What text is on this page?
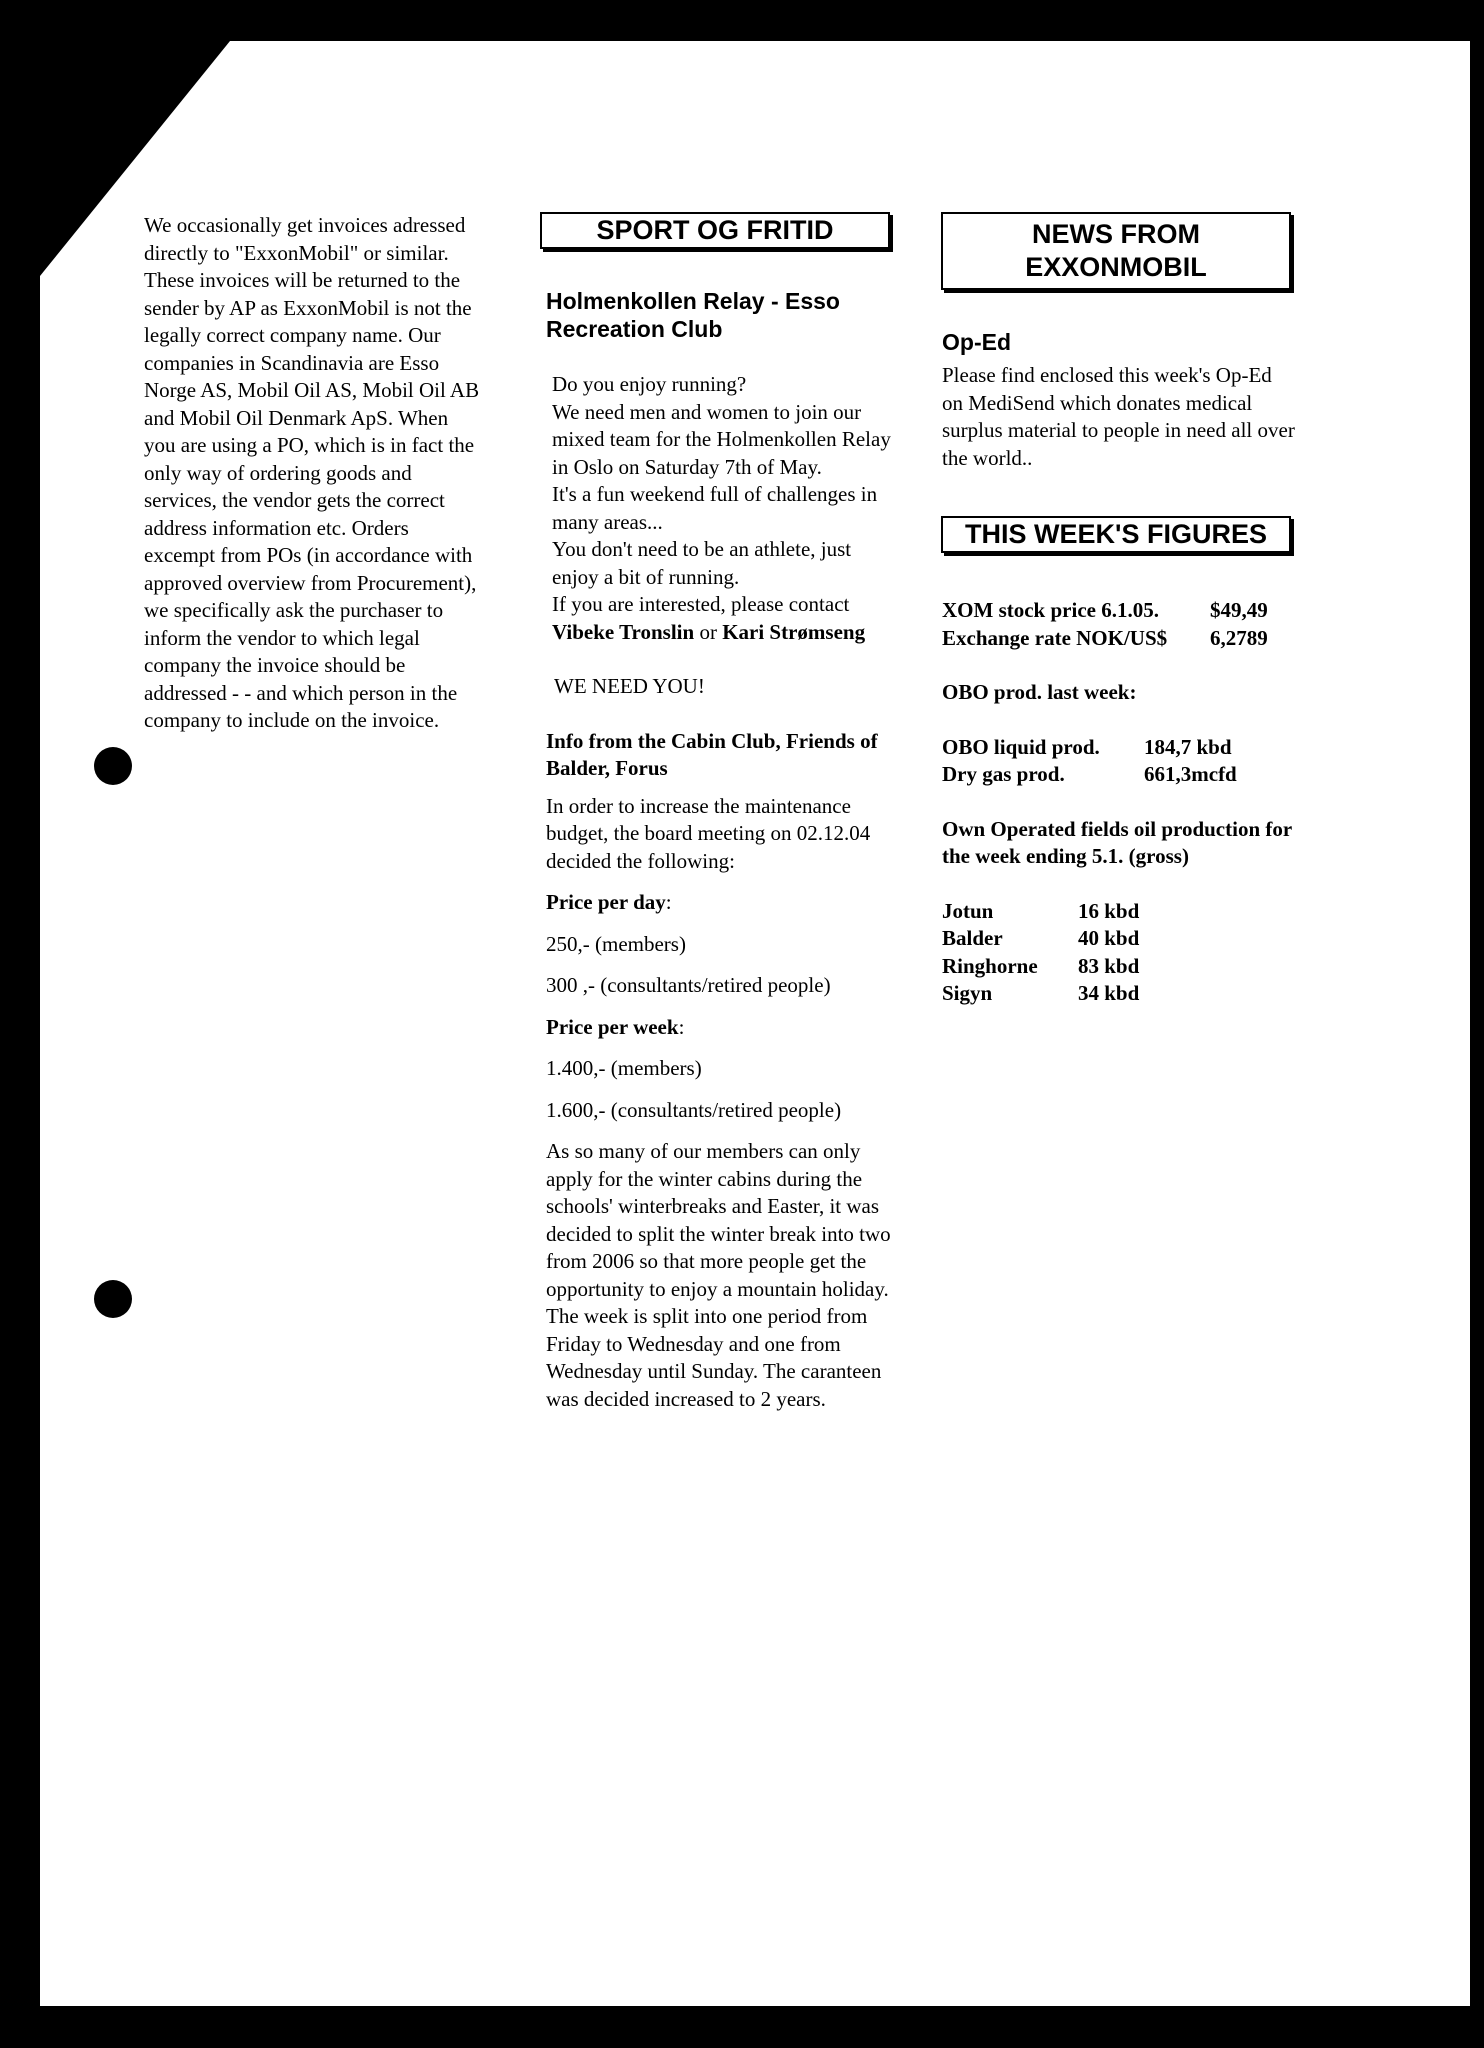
We occasionally get invoices adressed directly to "ExxonMobil" or similar. These invoices will be returned to the sender by AP as ExxonMobil is not the legally correct company name. Our companies in Scandinavia are Esso Norge AS, Mobil Oil AS, Mobil Oil AB and Mobil Oil Denmark ApS. When you are using a PO, which is in fact the only way of ordering goods and services, the vendor gets the correct address information etc. Orders excempt from POs (in accordance with approved overview from Procurement), we specifically ask the purchaser to inform the vendor to which legal company the invoice should be addressed - - and which person in the company to include on the invoice.

SPORT OG FRITID
Holmenkollen Relay - Esso Recreation Club

Do you enjoy running?

We need men and women to join our mixed team for the Holmenkollen Relay

in Oslo on Saturday 7th of May.

It's a fun weekend full of challenges in many areas...

You don't need to be an athlete, just enjoy a bit of running.

If you are interested, please contact Vibeke Tronslin or Kari Strømseng

WE NEED YOU!

Info from the Cabin Club, Friends of Balder, Forus

In order to increase the maintenance budget, the board meeting on 02.12.04 decided the following:

Price per day:

250,- (members)

300 ,- (consultants/retired people)

Price per week:

1.400,- (members)

1.600,- (consultants/retired people)

As so many of our members can only apply for the winter cabins during the schools' winterbreaks and Easter, it was decided to split the winter break into two from 2006 so that more people get the opportunity to enjoy a mountain holiday. The week is split into one period from Friday to Wednesday and one from Wednesday until Sunday. The caranteen was decided increased to 2 years.

NEWS FROM
EXXONMOBIL
Op-Ed

Please find enclosed this week's Op-Ed on MediSend which donates medical surplus material to people in need all over the world..

THIS WEEK'S FIGURES
XOM stock price 6.1.05.	$49,49
Exchange rate NOK/US$	6,2789

OBO prod. last week:

OBO liquid prod.	184,7 kbd
Dry gas prod.	661,3mcfd

Own Operated fields oil production for the week ending 5.1. (gross)

Jotun	16 kbd
Balder	40 kbd
Ringhorne	83 kbd
Sigyn	34 kbd
